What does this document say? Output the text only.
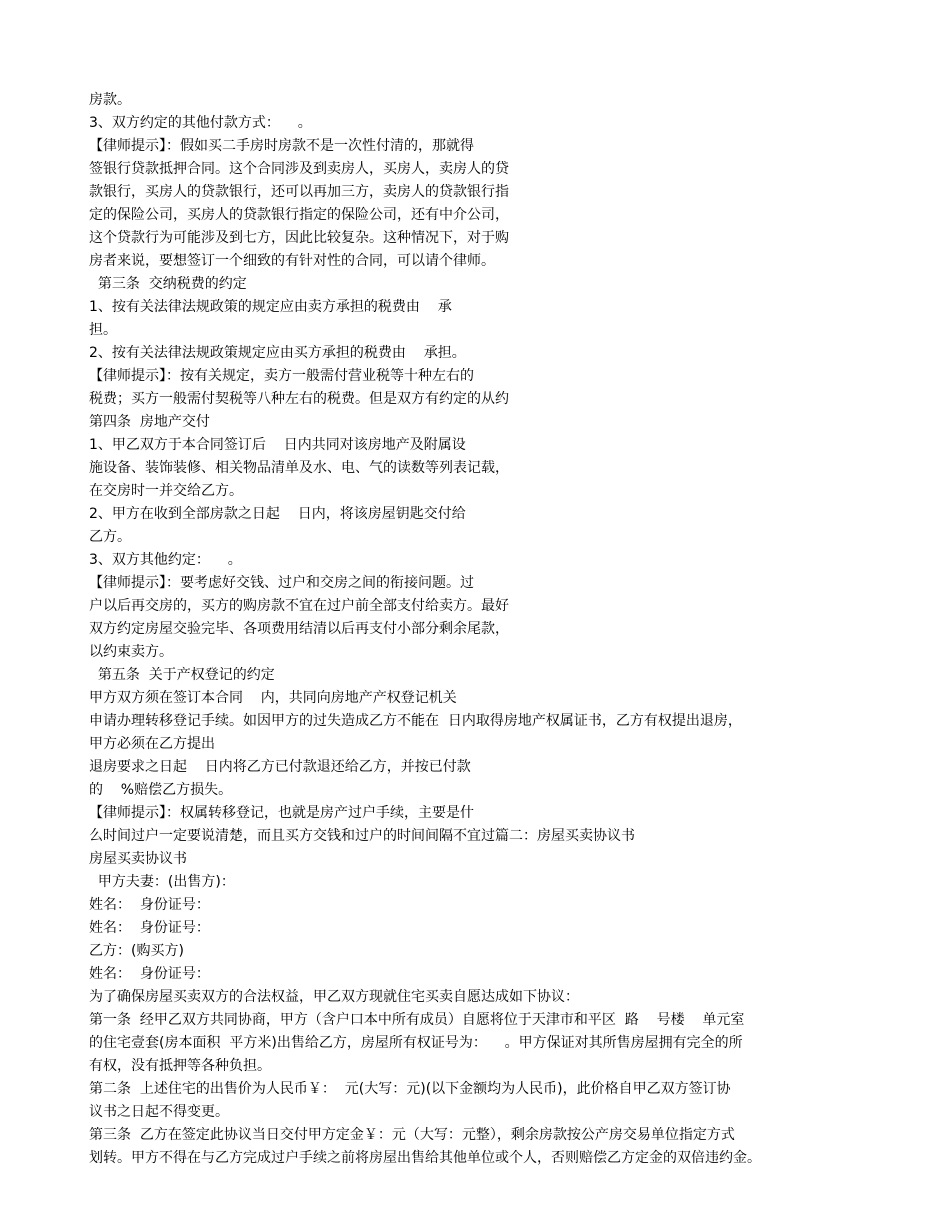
房款。
3、双方约定的其他付款方式：    。
【律师提示】：假如买二手房时房款不是一次性付清的，那就得
签银行贷款抵押合同。这个合同涉及到卖房人，买房人，卖房人的贷
款银行，买房人的贷款银行，还可以再加三方，卖房人的贷款银行指
定的保险公司，买房人的贷款银行指定的保险公司，还有中介公司，
这个贷款行为可能涉及到七方，因此比较复杂。这种情况下，对于购
房者来说，要想签订一个细致的有针对性的合同，可以请个律师。
第三条  交纳税费的约定
1、按有关法律法规政策的规定应由卖方承担的税费由    承
担。
2、按有关法律法规政策规定应由买方承担的税费由    承担。
【律师提示】：按有关规定，卖方一般需付营业税等十种左右的
税费；买方一般需付契税等八种左右的税费。但是双方有约定的从约
第四条  房地产交付
1、甲乙双方于本合同签订后    日内共同对该房地产及附属设
施设备、装饰装修、相关物品清单及水、电、气的读数等列表记载，
在交房时一并交给乙方。
2、甲方在收到全部房款之日起    日内，将该房屋钥匙交付给
乙方。
3、双方其他约定：    。
【律师提示】：要考虑好交钱、过户和交房之间的衔接问题。过
户以后再交房的，买方的购房款不宜在过户前全部支付给卖方。最好
双方约定房屋交验完毕、各项费用结清以后再支付小部分剩余尾款，
以约束卖方。
第五条  关于产权登记的约定
甲方双方须在签订本合同    内，共同向房地产产权登记机关
申请办理转移登记手续。如因甲方的过失造成乙方不能在  日内取得房地产权属证书，乙方有权提出退房，
甲方必须在乙方提出
退房要求之日起    日内将乙方已付款退还给乙方，并按已付款
的    %赔偿乙方损失。
【律师提示】：权属转移登记，也就是房产过户手续，主要是什
么时间过户一定要说清楚，而且买方交钱和过户的时间间隔不宜过篇二：房屋买卖协议书
房屋买卖协议书
甲方夫妻：(出售方)：
姓名：  身份证号：
姓名：  身份证号：
乙方：(购买方)
姓名：  身份证号：
为了确保房屋买卖双方的合法权益，甲乙双方现就住宅买卖自愿达成如下协议：
第一条  经甲乙双方共同协商，甲方（含户口本中所有成员）自愿将位于天津市和平区  路    号楼    单元室
的住宅壹套(房本面积  平方米)出售给乙方，房屋所有权证号为：    。甲方保证对其所售房屋拥有完全的所
有权，没有抵押等各种负担。
第二条  上述住宅的出售价为人民币￥：  元(大写：元)(以下金额均为人民币)，此价格自甲乙双方签订协
议书之日起不得变更。
第三条  乙方在签定此协议当日交付甲方定金￥：元（大写：元整），剩余房款按公产房交易单位指定方式
划转。甲方不得在与乙方完成过户手续之前将房屋出售给其他单位或个人，否则赔偿乙方定金的双倍违约金。
